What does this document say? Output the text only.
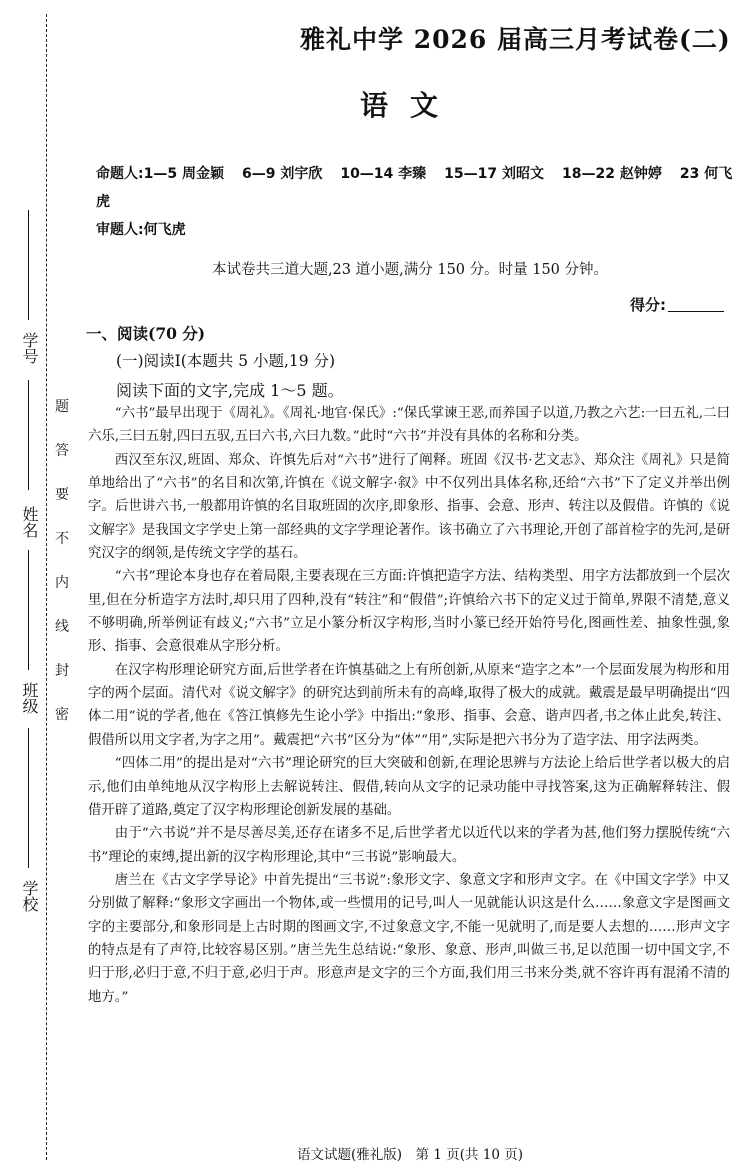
学号
姓名
班级
学校
题
答
要
不
内
线
封
密
雅礼中学 2026 届高三月考试卷(二)
语文
命题人:1—5 周金颖 6—9 刘宇欣 10—14 李臻 15—17 刘昭文 18—22 赵钟婷 23 何飞虎
审题人:何飞虎
本试卷共三道大题,23 道小题,满分 150 分。时量 150 分钟。
得分:
一、阅读(70 分)
(一)阅读Ⅰ(本题共 5 小题,19 分)
阅读下面的文字,完成 1～5 题。

“六书”最早出现于《周礼》。《周礼·地官·保氏》:“保氏掌谏王恶,而养国子以道,乃教之六艺:一曰五礼,二曰六乐,三曰五射,四曰五驭,五曰六书,六曰九数。”此时“六书”并没有具体的名称和分类。

西汉至东汉,班固、郑众、许慎先后对“六书”进行了阐释。班固《汉书·艺文志》、郑众注《周礼》只是简单地给出了“六书”的名目和次第,许慎在《说文解字·叙》中不仅列出具体名称,还给“六书”下了定义并举出例字。后世讲六书,一般都用许慎的名目取班固的次序,即象形、指事、会意、形声、转注以及假借。许慎的《说文解字》是我国文字学史上第一部经典的文字学理论著作。该书确立了六书理论,开创了部首检字的先河,是研究汉字的纲领,是传统文字学的基石。

“六书”理论本身也存在着局限,主要表现在三方面:许慎把造字方法、结构类型、用字方法都放到一个层次里,但在分析造字方法时,却只用了四种,没有“转注”和“假借”;许慎给六书下的定义过于简单,界限不清楚,意义不够明确,所举例证有歧义;“六书”立足小篆分析汉字构形,当时小篆已经开始符号化,图画性差、抽象性强,象形、指事、会意很难从字形分析。

在汉字构形理论研究方面,后世学者在许慎基础之上有所创新,从原来“造字之本”一个层面发展为构形和用字的两个层面。清代对《说文解字》的研究达到前所未有的高峰,取得了极大的成就。戴震是最早明确提出“四体二用”说的学者,他在《答江慎修先生论小学》中指出:“象形、指事、会意、谐声四者,书之体止此矣,转注、假借所以用文字者,为字之用”。戴震把“六书”区分为“体”“用”,实际是把六书分为了造字法、用字法两类。

“四体二用”的提出是对“六书”理论研究的巨大突破和创新,在理论思辨与方法论上给后世学者以极大的启示,他们由单纯地从汉字构形上去解说转注、假借,转向从文字的记录功能中寻找答案,这为正确解释转注、假借开辟了道路,奠定了汉字构形理论创新发展的基础。

由于“六书说”并不是尽善尽美,还存在诸多不足,后世学者尤以近代以来的学者为甚,他们努力摆脱传统“六书”理论的束缚,提出新的汉字构形理论,其中“三书说”影响最大。

唐兰在《古文字学导论》中首先提出“三书说”:象形文字、象意文字和形声文字。在《中国文字学》中又分别做了解释:“象形文字画出一个物体,或一些惯用的记号,叫人一见就能认识这是什么……象意文字是图画文字的主要部分,和象形同是上古时期的图画文字,不过象意文字,不能一见就明了,而是要人去想的……形声文字的特点是有了声符,比较容易区别。”唐兰先生总结说:“象形、象意、形声,叫做三书,足以范围一切中国文字,不归于形,必归于意,不归于意,必归于声。形意声是文字的三个方面,我们用三书来分类,就不容许再有混淆不清的地方。”

语文试题(雅礼版)　第 1 页(共 10 页)
